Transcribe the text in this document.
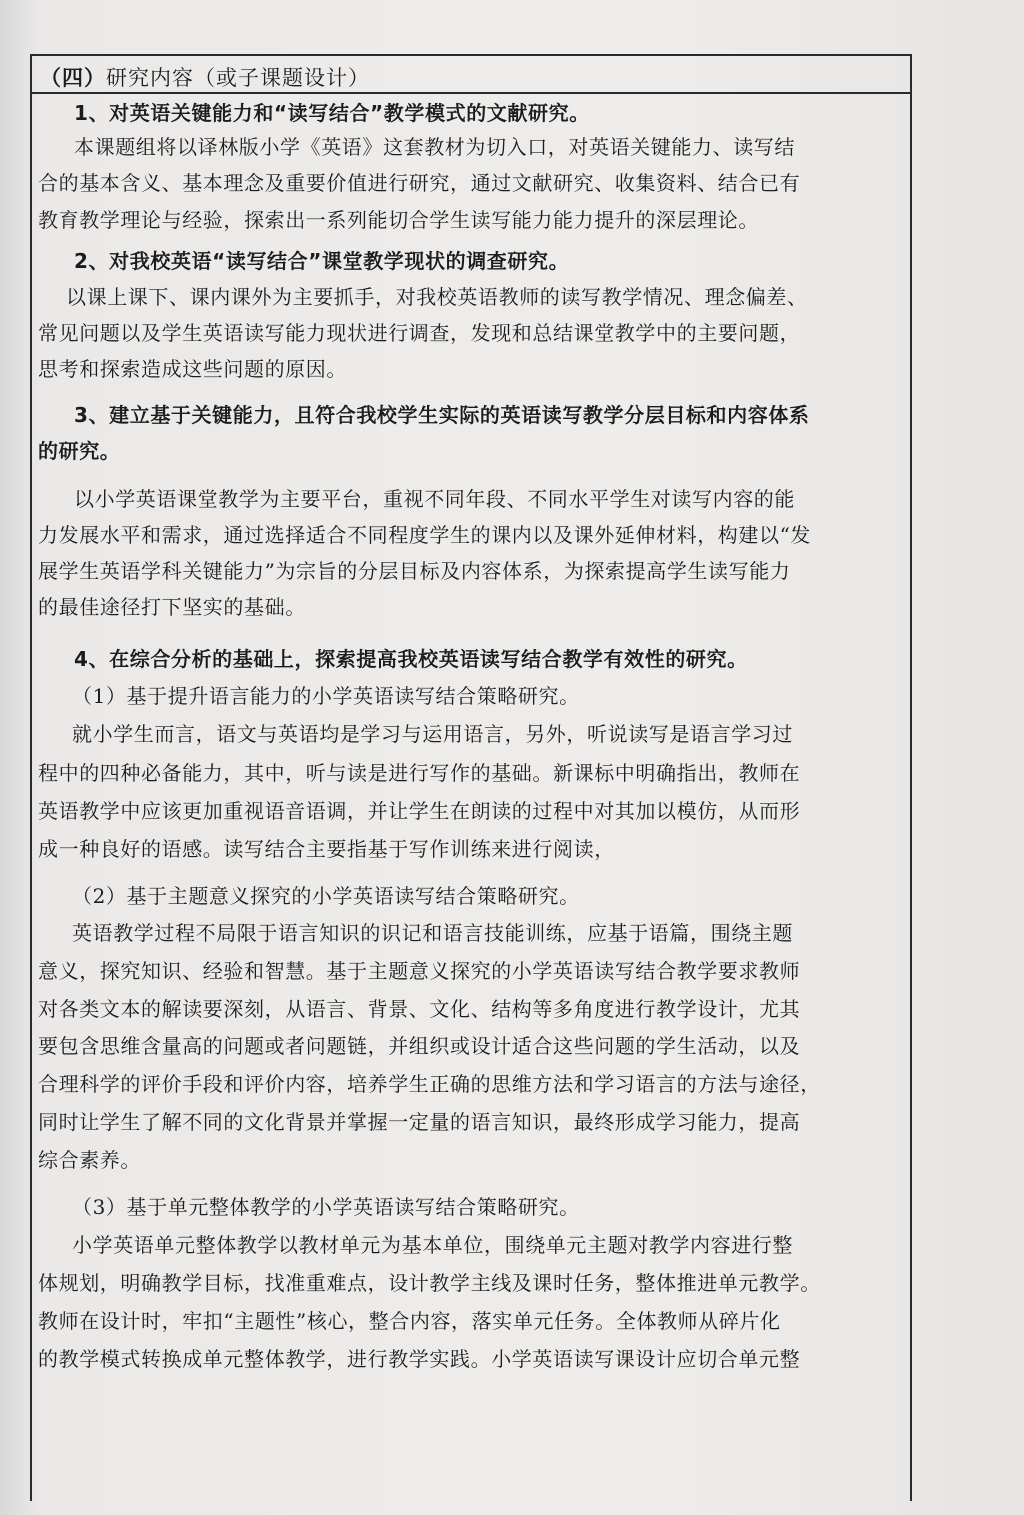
（四）研究内容（或子课题设计）
1、对英语关键能力和“读写结合”教学模式的文献研究。
本课题组将以译林版小学《英语》这套教材为切入口，对英语关键能力、读写结
合的基本含义、基本理念及重要价值进行研究，通过文献研究、收集资料、结合已有
教育教学理论与经验，探索出一系列能切合学生读写能力能力提升的深层理论。
2、对我校英语“读写结合”课堂教学现状的调查研究。
以课上课下、课内课外为主要抓手，对我校英语教师的读写教学情况、理念偏差、
常见问题以及学生英语读写能力现状进行调查，发现和总结课堂教学中的主要问题，
思考和探索造成这些问题的原因。
3、建立基于关键能力，且符合我校学生实际的英语读写教学分层目标和内容体系
的研究。
以小学英语课堂教学为主要平台，重视不同年段、不同水平学生对读写内容的能
力发展水平和需求，通过选择适合不同程度学生的课内以及课外延伸材料，构建以“发
展学生英语学科关键能力”为宗旨的分层目标及内容体系，为探索提高学生读写能力
的最佳途径打下坚实的基础。
4、在综合分析的基础上，探索提高我校英语读写结合教学有效性的研究。
（1）基于提升语言能力的小学英语读写结合策略研究。
就小学生而言，语文与英语均是学习与运用语言，另外，听说读写是语言学习过
程中的四种必备能力，其中，听与读是进行写作的基础。新课标中明确指出，教师在
英语教学中应该更加重视语音语调，并让学生在朗读的过程中对其加以模仿，从而形
成一种良好的语感。读写结合主要指基于写作训练来进行阅读，
（2）基于主题意义探究的小学英语读写结合策略研究。
英语教学过程不局限于语言知识的识记和语言技能训练，应基于语篇，围绕主题
意义，探究知识、经验和智慧。基于主题意义探究的小学英语读写结合教学要求教师
对各类文本的解读要深刻，从语言、背景、文化、结构等多角度进行教学设计，尤其
要包含思维含量高的问题或者问题链，并组织或设计适合这些问题的学生活动，以及
合理科学的评价手段和评价内容，培养学生正确的思维方法和学习语言的方法与途径，
同时让学生了解不同的文化背景并掌握一定量的语言知识，最终形成学习能力，提高
综合素养。
（3）基于单元整体教学的小学英语读写结合策略研究。
小学英语单元整体教学以教材单元为基本单位，围绕单元主题对教学内容进行整
体规划，明确教学目标，找准重难点，设计教学主线及课时任务，整体推进单元教学。
教师在设计时，牢扣“主题性”核心，整合内容，落实单元任务。全体教师从碎片化
的教学模式转换成单元整体教学，进行教学实践。小学英语读写课设计应切合单元整
